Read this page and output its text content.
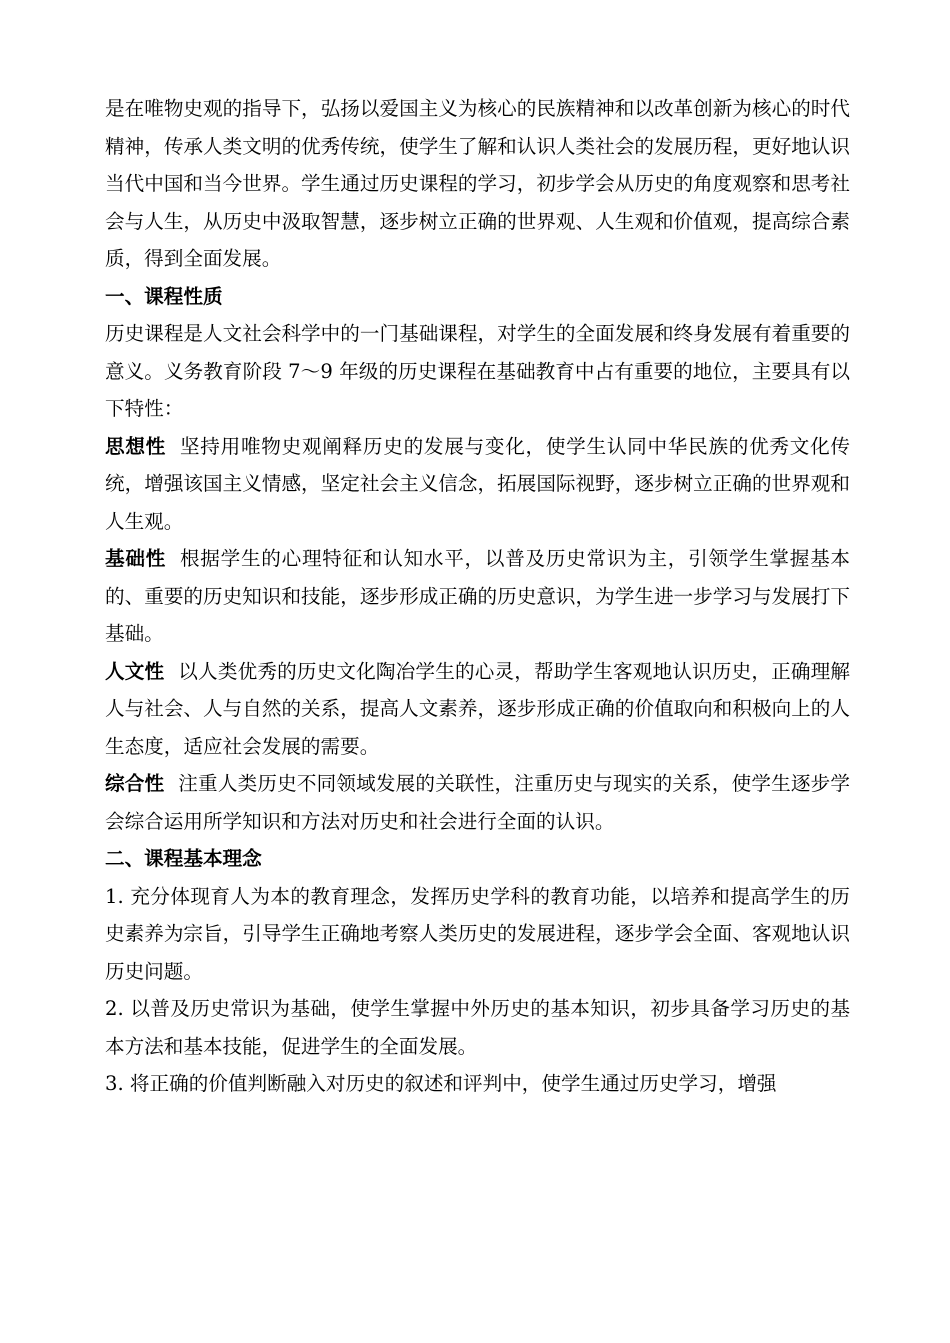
是在唯物史观的指导下，弘扬以爱国主义为核心的民族精神和以改革创新为核心的时代精神，传承人类文明的优秀传统，使学生了解和认识人类社会的发展历程，更好地认识当代中国和当今世界。学生通过历史课程的学习，初步学会从历史的角度观察和思考社会与人生，从历史中汲取智慧，逐步树立正确的世界观、人生观和价值观，提高综合素质，得到全面发展。

一、课程性质

历史课程是人文社会科学中的一门基础课程，对学生的全面发展和终身发展有着重要的意义。义务教育阶段 7～9 年级的历史课程在基础教育中占有重要的地位，主要具有以下特性：

思想性 坚持用唯物史观阐释历史的发展与变化，使学生认同中华民族的优秀文化传统，增强该国主义情感，坚定社会主义信念，拓展国际视野，逐步树立正确的世界观和人生观。

基础性 根据学生的心理特征和认知水平，以普及历史常识为主，引领学生掌握基本的、重要的历史知识和技能，逐步形成正确的历史意识，为学生进一步学习与发展打下基础。

人文性 以人类优秀的历史文化陶冶学生的心灵，帮助学生客观地认识历史，正确理解人与社会、人与自然的关系，提高人文素养，逐步形成正确的价值取向和积极向上的人生态度，适应社会发展的需要。

综合性 注重人类历史不同领域发展的关联性，注重历史与现实的关系，使学生逐步学会综合运用所学知识和方法对历史和社会进行全面的认识。

二、课程基本理念

1. 充分体现育人为本的教育理念，发挥历史学科的教育功能，以培养和提高学生的历史素养为宗旨，引导学生正确地考察人类历史的发展进程，逐步学会全面、客观地认识历史问题。

2. 以普及历史常识为基础，使学生掌握中外历史的基本知识，初步具备学习历史的基本方法和基本技能，促进学生的全面发展。

3. 将正确的价值判断融入对历史的叙述和评判中，使学生通过历史学习，增强
